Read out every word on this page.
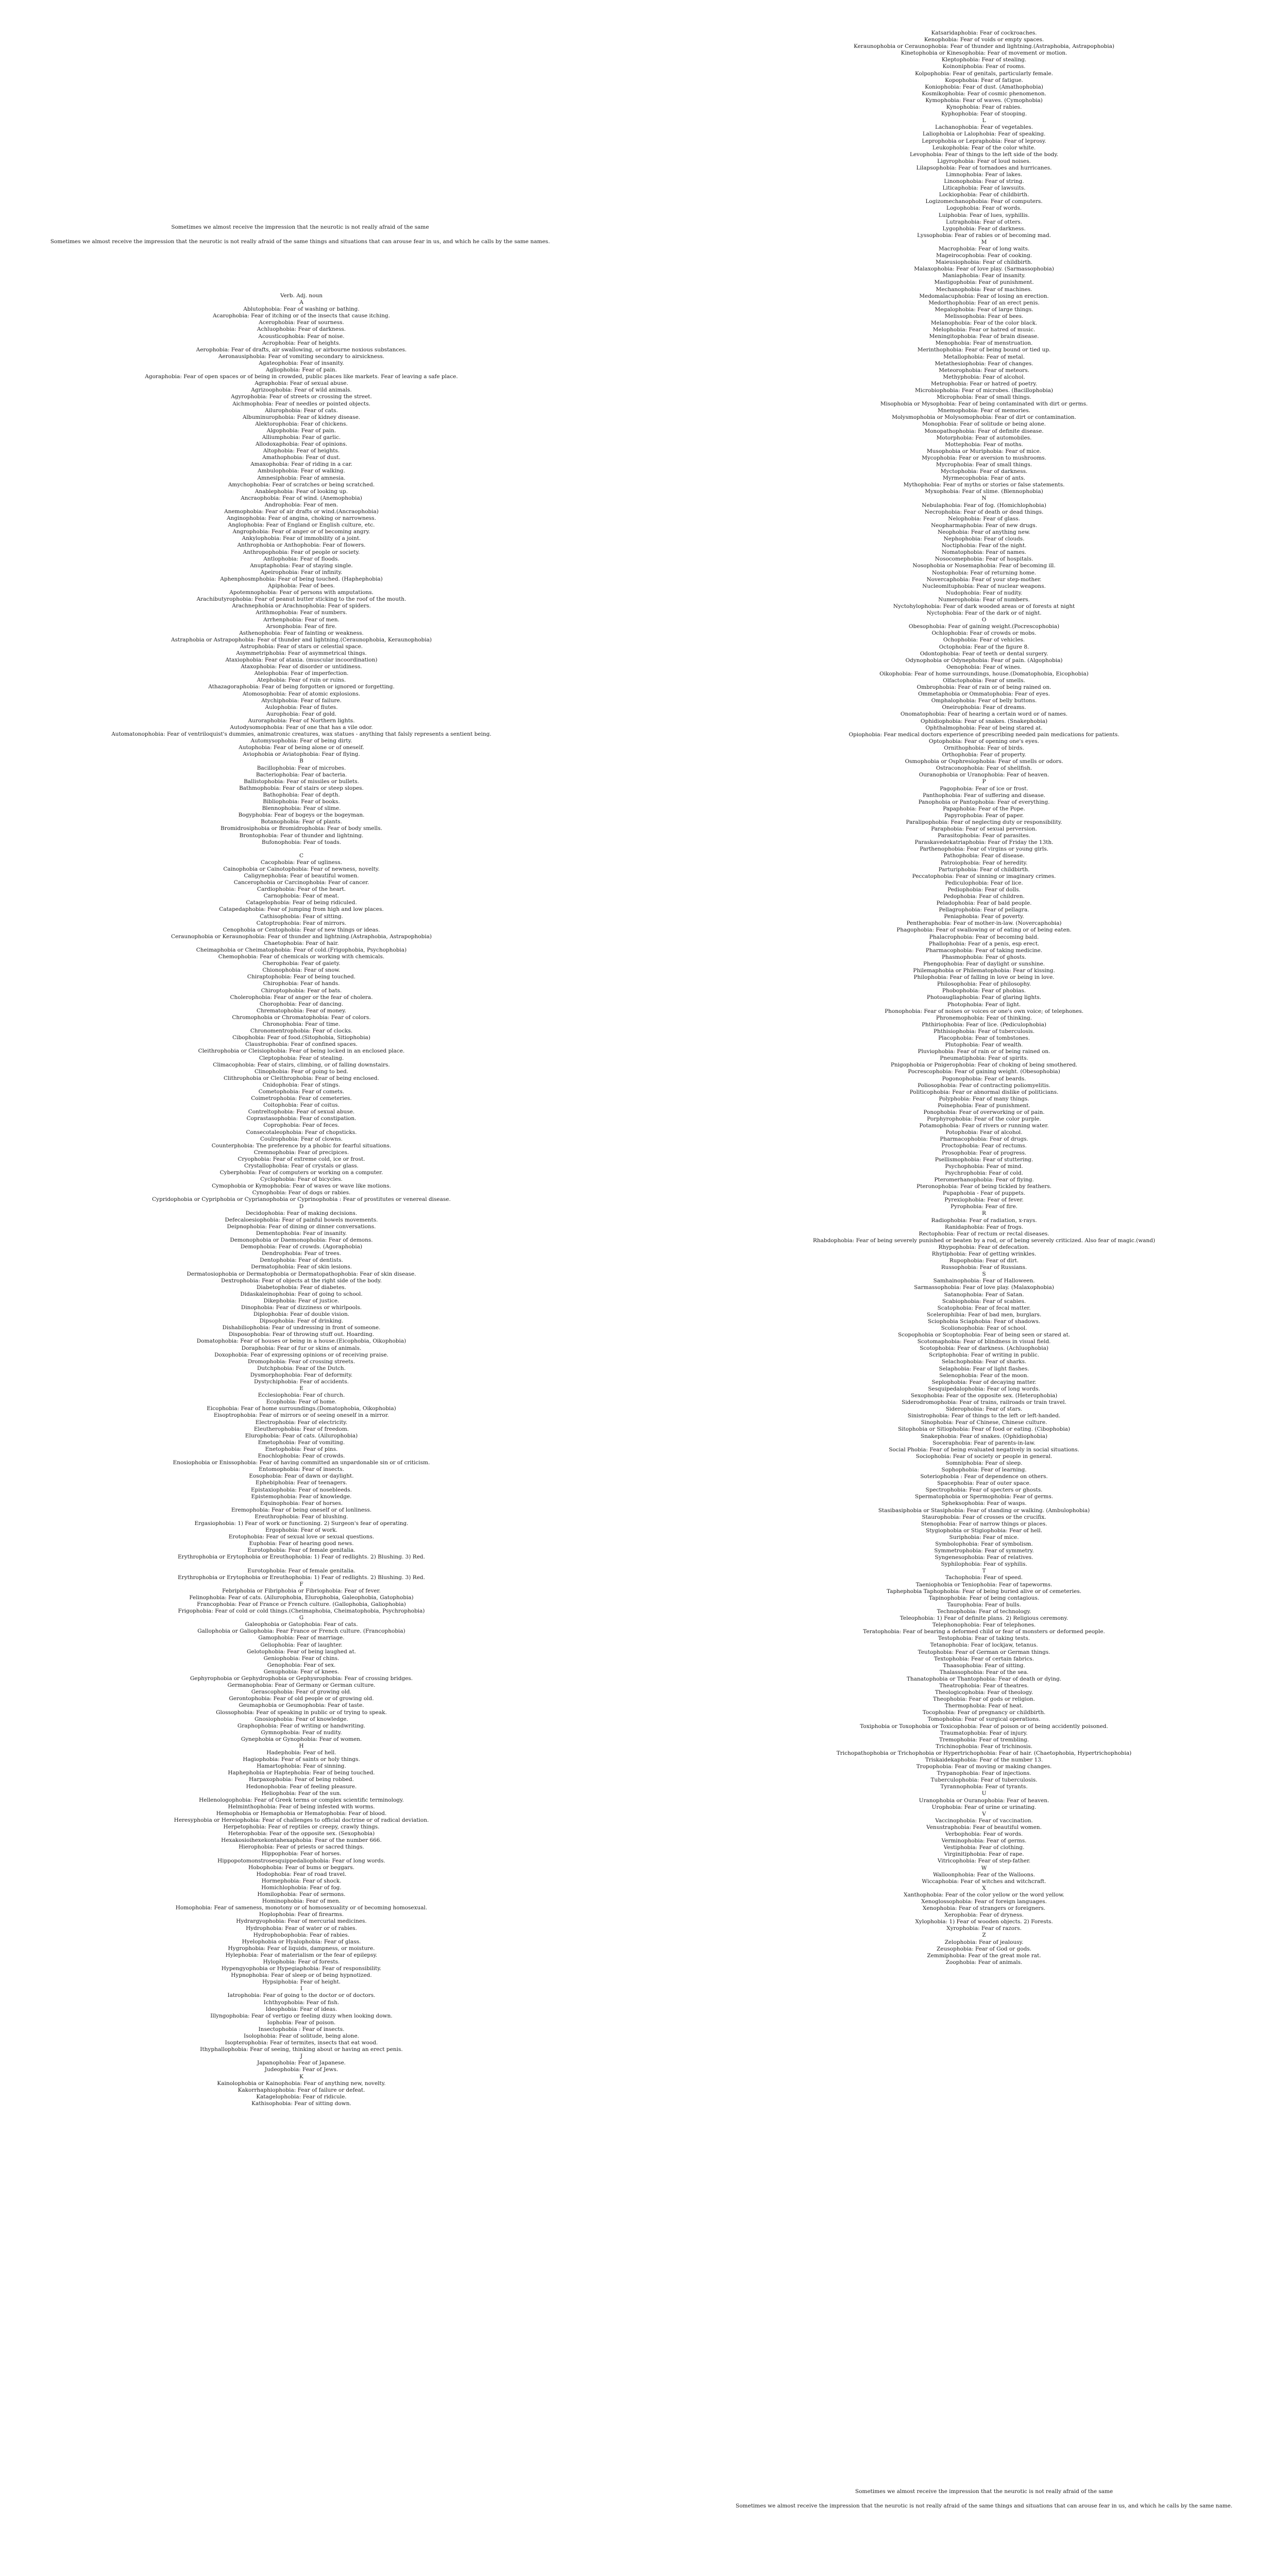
Sometimes we almost receive the impression that the neurotic is not really afraid of the same

Sometimes we almost receive the impression that the neurotic is not really afraid of the same things and situations that can arouse fear in us, and which he calls by the same names.

Verb. Adj. noun
A
Ablutophobia: Fear of washing or bathing.
Acarophobia: Fear of itching or of the insects that cause itching.
Acerophobia: Fear of sourness.
Achluophobia: Fear of darkness.
Acousticophobia: Fear of noise.
Acrophobia: Fear of heights.
Aerophobia: Fear of drafts, air swallowing, or airbourne noxious substances.
Aeronausiphobia: Fear of vomiting secondary to airsickness.
Agateophobia: Fear of insanity.
Agliophobia: Fear of pain.
Agoraphobia: Fear of open spaces or of being in crowded, public places like markets. Fear of leaving a safe place.
Agraphobia: Fear of sexual abuse.
Agrizoophobia: Fear of wild animals.
Agyrophobia: Fear of streets or crossing the street.
Aichmophobia: Fear of needles or pointed objects.
Ailurophobia: Fear of cats.
Albuminurophobia: Fear of kidney disease.
Alektorophobia: Fear of chickens.
Algophobia: Fear of pain.
Alliumphobia: Fear of garlic.
Allodoxaphobia: Fear of opinions.
Altophobia: Fear of heights.
Amathophobia: Fear of dust.
Amaxophobia: Fear of riding in a car.
Ambulophobia: Fear of walking.
Amnesiphobia: Fear of amnesia.
Amychophobia: Fear of scratches or being scratched.
Anablephobia: Fear of looking up.
Ancraophobia: Fear of wind. (Anemophobia)
Androphobia: Fear of men.
Anemophobia: Fear of air drafts or wind.(Ancraophobia)
Anginophobia: Fear of angina, choking or narrowness.
Anglophobia: Fear of England or English culture, etc.
Angrophobia: Fear of anger or of becoming angry.
Ankylophobia: Fear of immobility of a joint.
Anthrophobia or Anthophobia: Fear of flowers.
Anthropophobia: Fear of people or society.
Antlophobia: Fear of floods.
Anuptaphobia: Fear of staying single.
Apeirophobia: Fear of infinity.
Aphenphosmphobia: Fear of being touched. (Haphephobia)
Apiphobia: Fear of bees.
Apotemnophobia: Fear of persons with amputations.
Arachibutyrophobia: Fear of peanut butter sticking to the roof of the mouth.
Arachnephobia or Arachnophobia: Fear of spiders.
Arithmophobia: Fear of numbers.
Arrhenphobia: Fear of men.
Arsonphobia: Fear of fire.
Asthenophobia: Fear of fainting or weakness.
Astraphobia or Astrapophobia: Fear of thunder and lightning.(Ceraunophobia, Keraunophobia)
Astrophobia: Fear of stars or celestial space.
Asymmetriphobia: Fear of asymmetrical things.
Ataxiophobia: Fear of ataxia. (muscular incoordination)
Ataxophobia: Fear of disorder or untidiness.
Atelophobia: Fear of imperfection.
Atephobia: Fear of ruin or ruins.
Athazagoraphobia: Fear of being forgotten or ignored or forgetting.
Atomosophobia: Fear of atomic explosions.
Atychiphobia: Fear of failure.
Aulophobia: Fear of flutes.
Aurophobia: Fear of gold.
Auroraphobia: Fear of Northern lights.
Autodysomophobia: Fear of one that has a vile odor.
Automatonophobia: Fear of ventriloquist's dummies, animatronic creatures, wax statues - anything that falsly represents a sentient being.
Automysophobia: Fear of being dirty.
Autophobia: Fear of being alone or of oneself.
Aviophobia or Aviatophobia: Fear of flying.
B
Bacillophobia: Fear of microbes.
Bacteriophobia: Fear of bacteria.
Ballistophobia: Fear of missiles or bullets.
Bathmophobia: Fear of stairs or steep slopes.
Bathophobia: Fear of depth.
Bibliophobia: Fear of books.
Blennophobia: Fear of slime.
Bogyphobia: Fear of bogeys or the bogeyman.
Botanophobia: Fear of plants.
Bromidrosiphobia or Bromidrophobia: Fear of body smells.
Brontophobia: Fear of thunder and lightning.
Bufonophobia: Fear of toads.
C
Cacophobia: Fear of ugliness.
Cainophobia or Cainotophobia: Fear of newness, novelty.
Caligynephobia: Fear of beautiful women.
Cancerophobia or Carcinophobia: Fear of cancer.
Cardiophobia: Fear of the heart.
Carnophobia: Fear of meat.
Catagelophobia: Fear of being ridiculed.
Catapedaphobia: Fear of jumping from high and low places.
Cathisophobia: Fear of sitting.
Catoptrophobia: Fear of mirrors.
Cenophobia or Centophobia: Fear of new things or ideas.
Ceraunophobia or Keraunophobia: Fear of thunder and lightning.(Astraphobia, Astrapophobia)
Chaetophobia: Fear of hair.
Cheimaphobia or Cheimatophobia: Fear of cold.(Frigophobia, Psychophobia)
Chemophobia: Fear of chemicals or working with chemicals.
Cherophobia: Fear of gaiety.
Chionophobia: Fear of snow.
Chiraptophobia: Fear of being touched.
Chirophobia: Fear of hands.
Chiroptophobia: Fear of bats.
Cholerophobia: Fear of anger or the fear of cholera.
Chorophobia: Fear of dancing.
Chrematophobia: Fear of money.
Chromophobia or Chromatophobia: Fear of colors.
Chronophobia: Fear of time.
Chronomentrophobia: Fear of clocks.
Cibophobia: Fear of food.(Sitophobia, Sitiophobia)
Claustrophobia: Fear of confined spaces.
Cleithrophobia or Cleisiophobia: Fear of being locked in an enclosed place.
Cleptophobia: Fear of stealing.
Climacophobia: Fear of stairs, climbing, or of falling downstairs.
Clinophobia: Fear of going to bed.
Clithrophobia or Cleithrophobia: Fear of being enclosed.
Cnidophobia: Fear of stings.
Cometophobia: Fear of comets.
Coimetrophobia: Fear of cemeteries.
Coitophobia: Fear of coitus.
Contreltophobia: Fear of sexual abuse.
Coprastasophobia: Fear of constipation.
Coprophobia: Fear of feces.
Consecotaleophobia: Fear of chopsticks.
Coulrophobia: Fear of clowns.
Counterphobia: The preference by a phobic for fearful situations.
Cremnophobia: Fear of precipices.
Cryophobia: Fear of extreme cold, ice or frost.
Crystallophobia: Fear of crystals or glass.
Cyberphobia: Fear of computers or working on a computer.
Cyclophobia: Fear of bicycles.
Cymophobia or Kymophobia: Fear of waves or wave like motions.
Cynophobia: Fear of dogs or rabies.
Cypridophobia or Cypriphobia or Cyprianophobia or Cyprinophobia : Fear of prostitutes or venereal disease.
D
Decidophobia: Fear of making decisions.
Defecaloesiophobia: Fear of painful bowels movements.
Deipnophobia: Fear of dining or dinner conversations.
Dementophobia: Fear of insanity.
Demonophobia or Daemonophobia: Fear of demons.
Demophobia: Fear of crowds. (Agoraphobia)
Dendrophobia: Fear of trees.
Dentophobia: Fear of dentists.
Dermatophobia: Fear of skin lesions.
Dermatosiophobia or Dermatophobia or Dermatopathophobia: Fear of skin disease.
Dextrophobia: Fear of objects at the right side of the body.
Diabetophobia: Fear of diabetes.
Didaskaleinophobia: Fear of going to school.
Dikephobia: Fear of justice.
Dinophobia: Fear of dizziness or whirlpools.
Diplophobia: Fear of double vision.
Dipsophobia: Fear of drinking.
Dishabiliophobia: Fear of undressing in front of someone.
Disposophobia: Fear of throwing stuff out. Hoarding.
Domatophobia: Fear of houses or being in a house.(Eicophobia, Oikophobia)
Doraphobia: Fear of fur or skins of animals.
Doxophobia: Fear of expressing opinions or of receiving praise.
Dromophobia: Fear of crossing streets.
Dutchphobia: Fear of the Dutch.
Dysmorphophobia: Fear of deformity.
Dystychiphobia: Fear of accidents.
E
Ecclesiophobia: Fear of church.
Ecophobia: Fear of home.
Eicophobia: Fear of home surroundings.(Domatophobia, Oikophobia)
Eisoptrophobia: Fear of mirrors or of seeing oneself in a mirror.
Electrophobia: Fear of electricity.
Eleutherophobia: Fear of freedom.
Elurophobia: Fear of cats. (Ailurophobia)
Emetophobia: Fear of vomiting.
Enetophobia: Fear of pins.
Enochlophobia: Fear of crowds.
Enosiophobia or Enissophobia: Fear of having committed an unpardonable sin or of criticism.
Entomophobia: Fear of insects.
Eosophobia: Fear of dawn or daylight.
Ephebiphobia: Fear of teenagers.
Epistaxiophobia: Fear of nosebleeds.
Epistemophobia: Fear of knowledge.
Equinophobia: Fear of horses.
Eremophobia: Fear of being oneself or of lonliness.
Ereuthrophobia: Fear of blushing.
Ergasiophobia: 1) Fear of work or functioning. 2) Surgeon's fear of operating.
Ergophobia: Fear of work.
Erotophobia: Fear of sexual love or sexual questions.
Euphobia: Fear of hearing good news.
Eurotophobia: Fear of female genitalia.
Erythrophobia or Erytophobia or Ereuthophobia: 1) Fear of redlights. 2) Blushing. 3) Red.
Eurotophobia: Fear of female genitalia.
Erythrophobia or Erytophobia or Ereuthophobia: 1) Fear of redlights. 2) Blushing. 3) Red.
F
Febriphobia or Fibriphobia or Fibriophobia: Fear of fever.
Felinophobia: Fear of cats. (Ailurophobia, Elurophobia, Galeophobia, Gatophobia)
Francophobia: Fear of France or French culture. (Gallophobia, Galiophobia)
Frigophobia: Fear of cold or cold things.(Cheimaphobia, Cheimatophobia, Psychrophobia)
G
Galeophobia or Gatophobia: Fear of cats.
Gallophobia or Galiophobia: Fear France or French culture. (Francophobia)
Gamophobia: Fear of marriage.
Geliophobia: Fear of laughter.
Gelotophobia: Fear of being laughed at.
Geniophobia: Fear of chins.
Genophobia: Fear of sex.
Genuphobia: Fear of knees.
Gephyrophobia or Gephydrophobia or Gephysrophobia: Fear of crossing bridges.
Germanophobia: Fear of Germany or German culture.
Gerascophobia: Fear of growing old.
Gerontophobia: Fear of old people or of growing old.
Geumaphobia or Geumophobia: Fear of taste.
Glossophobia: Fear of speaking in public or of trying to speak.
Gnosiophobia: Fear of knowledge.
Graphophobia: Fear of writing or handwriting.
Gymnophobia: Fear of nudity.
Gynephobia or Gynophobia: Fear of women.
H
Hadephobia: Fear of hell.
Hagiophobia: Fear of saints or holy things.
Hamartophobia: Fear of sinning.
Haphephobia or Haptephobia: Fear of being touched.
Harpaxophobia: Fear of being robbed.
Hedonophobia: Fear of feeling pleasure.
Heliophobia: Fear of the sun.
Hellenologophobia: Fear of Greek terms or complex scientific terminology.
Helminthophobia: Fear of being infested with worms.
Hemophobia or Hemaphobia or Hematophobia: Fear of blood.
Heresyphobia or Hereiophobia: Fear of challenges to official doctrine or of radical deviation.
Herpetophobia: Fear of reptiles or creepy, crawly things.
Heterophobia: Fear of the opposite sex. (Sexophobia)
Hexakosioihexekontahexaphobia: Fear of the number 666.
Hierophobia: Fear of priests or sacred things.
Hippophobia: Fear of horses.
Hippopotomonstrosesquippedaliophobia: Fear of long words.
Hobophobia: Fear of bums or beggars.
Hodophobia: Fear of road travel.
Hormephobia: Fear of shock.
Homichlophobia: Fear of fog.
Homilophobia: Fear of sermons.
Hominophobia: Fear of men.
Homophobia: Fear of sameness, monotony or of homosexuality or of becoming homosexual.
Hoplophobia: Fear of firearms.
Hydrargyophobia: Fear of mercurial medicines.
Hydrophobia: Fear of water or of rabies.
Hydrophobophobia: Fear of rabies.
Hyelophobia or Hyalophobia: Fear of glass.
Hygrophobia: Fear of liquids, dampness, or moisture.
Hylephobia: Fear of materialism or the fear of epilepsy.
Hylophobia: Fear of forests.
Hypengyophobia or Hypegiaphobia: Fear of responsibility.
Hypnophobia: Fear of sleep or of being hypnotized.
Hypsiphobia: Fear of height.
I
Iatrophobia: Fear of going to the doctor or of doctors.
Ichthyophobia: Fear of fish.
Ideophobia: Fear of ideas.
Illyngophobia: Fear of vertigo or feeling dizzy when looking down.
Iophobia: Fear of poison.
Insectophobia : Fear of insects.
Isolophobia: Fear of solitude, being alone.
Isopterophobia: Fear of termites, insects that eat wood.
Ithyphallophobia: Fear of seeing, thinking about or having an erect penis.
J
Japanophobia: Fear of Japanese.
Judeophobia: Fear of Jews.
K
Kainolophobia or Kainophobia: Fear of anything new, novelty.
Kakorrhaphiophobia: Fear of failure or defeat.
Katagelophobia: Fear of ridicule.
Kathisophobia: Fear of sitting down.
Katsaridaphobia: Fear of cockroaches.
Kenophobia: Fear of voids or empty spaces.
Keraunophobia or Ceraunophobia: Fear of thunder and lightning.(Astraphobia, Astrapophobia)
Kinetophobia or Kinesophobia: Fear of movement or motion.
Kleptophobia: Fear of stealing.
Koinoniphobia: Fear of rooms.
Kolpophobia: Fear of genitals, particularly female.
Kopophobia: Fear of fatigue.
Koniophobia: Fear of dust. (Amathophobia)
Kosmikophobia: Fear of cosmic phenomenon.
Kymophobia: Fear of waves. (Cymophobia)
Kynophobia: Fear of rabies.
Kyphophobia: Fear of stooping.
L
Lachanophobia: Fear of vegetables.
Laliophobia or Lalophobia: Fear of speaking.
Leprophobia or Lepraphobia: Fear of leprosy.
Leukophobia: Fear of the color white.
Levophobia: Fear of things to the left side of the body.
Ligyrophobia: Fear of loud noises.
Lilapsophobia: Fear of tornadoes and hurricanes.
Limnophobia: Fear of lakes.
Linonophobia: Fear of string.
Liticaphobia: Fear of lawsuits.
Lockiophobia: Fear of childbirth.
Logizomechanophobia: Fear of computers.
Logophobia: Fear of words.
Luiphobia: Fear of lues, syphillis.
Lutraphobia: Fear of otters.
Lygophobia: Fear of darkness.
Lyssophobia: Fear of rabies or of becoming mad.
M
Macrophobia: Fear of long waits.
Mageirocophobia: Fear of cooking.
Maieusiophobia: Fear of childbirth.
Malaxophobia: Fear of love play. (Sarmassophobia)
Maniaphobia: Fear of insanity.
Mastigophobia: Fear of punishment.
Mechanophobia: Fear of machines.
Medomalacuphobia: Fear of losing an erection.
Medorthophobia: Fear of an erect penis.
Megalophobia: Fear of large things.
Melissophobia: Fear of bees.
Melanophobia: Fear of the color black.
Melophobia: Fear or hatred of music.
Meningitophobia: Fear of brain disease.
Menophobia: Fear of menstruation.
Merinthophobia: Fear of being bound or tied up.
Metallophobia: Fear of metal.
Metathesiophobia: Fear of changes.
Meteorophobia: Fear of meteors.
Methyphobia: Fear of alcohol.
Metrophobia: Fear or hatred of poetry.
Microbiophobia: Fear of microbes. (Bacillophobia)
Microphobia: Fear of small things.
Misophobia or Mysophobia: Fear of being contaminated with dirt or germs.
Mnemophobia: Fear of memories.
Molysmophobia or Molysomophobia: Fear of dirt or contamination.
Monophobia: Fear of solitude or being alone.
Monopathophobia: Fear of definite disease.
Motorphobia: Fear of automobiles.
Mottephobia: Fear of moths.
Musophobia or Muriphobia: Fear of mice.
Mycophobia: Fear or aversion to mushrooms.
Mycrophobia: Fear of small things.
Myctophobia: Fear of darkness.
Myrmecophobia: Fear of ants.
Mythophobia: Fear of myths or stories or false statements.
Myxophobia: Fear of slime. (Blennophobia)
N
Nebulaphobia: Fear of fog. (Homichlophobia)
Necrophobia: Fear of death or dead things.
Nelophobia: Fear of glass.
Neopharmaphobia: Fear of new drugs.
Neophobia: Fear of anything new.
Nephophobia: Fear of clouds.
Noctiphobia: Fear of the night.
Nomatophobia: Fear of names.
Nosocomephobia: Fear of hospitals.
Nosophobia or Nosemaphobia: Fear of becoming ill.
Nostophobia: Fear of returning home.
Novercaphobia: Fear of your step-mother.
Nucleomituphobia: Fear of nuclear weapons.
Nudophobia: Fear of nudity.
Numerophobia: Fear of numbers.
Nyctohylophobia: Fear of dark wooded areas or of forests at night
Nyctophobia: Fear of the dark or of night.
O
Obesophobia: Fear of gaining weight.(Pocrescophobia)
Ochlophobia: Fear of crowds or mobs.
Ochophobia: Fear of vehicles.
Octophobia: Fear of the figure 8.
Odontophobia: Fear of teeth or dental surgery.
Odynophobia or Odynephobia: Fear of pain. (Algophobia)
Oenophobia: Fear of wines.
Oikophobia: Fear of home surroundings, house.(Domatophobia, Eicophobia)
Olfactophobia: Fear of smells.
Ombrophobia: Fear of rain or of being rained on.
Ommetaphobia or Ommatophobia: Fear of eyes.
Omphalophobia: Fear of belly buttons.
Oneirophobia: Fear of dreams.
Onomatophobia: Fear of hearing a certain word or of names.
Ophidiophobia: Fear of snakes. (Snakephobia)
Ophthalmophobia: Fear of being stared at.
Opiophobia: Fear medical doctors experience of prescribing needed pain medications for patients.
Optophobia: Fear of opening one's eyes.
Ornithophobia: Fear of birds.
Orthophobia: Fear of property.
Osmophobia or Osphresiophobia: Fear of smells or odors.
Ostraconophobia: Fear of shellfish.
Ouranophobia or Uranophobia: Fear of heaven.
P
Pagophobia: Fear of ice or frost.
Panthophobia: Fear of suffering and disease.
Panophobia or Pantophobia: Fear of everything.
Papaphobia: Fear of the Pope.
Papyrophobia: Fear of paper.
Paralipophobia: Fear of neglecting duty or responsibility.
Paraphobia: Fear of sexual perversion.
Parasitophobia: Fear of parasites.
Paraskavedekatriaphobia: Fear of Friday the 13th.
Parthenophobia: Fear of virgins or young girls.
Pathophobia: Fear of disease.
Patroiophobia: Fear of heredity.
Parturiphobia: Fear of childbirth.
Peccatophobia: Fear of sinning or imaginary crimes.
Pediculophobia: Fear of lice.
Pediophobia: Fear of dolls.
Pedophobia: Fear of children.
Peladophobia: Fear of bald people.
Pellagrophobia: Fear of pellagra.
Peniaphobia: Fear of poverty.
Pentheraphobia: Fear of mother-in-law. (Novercaphobia)
Phagophobia: Fear of swallowing or of eating or of being eaten.
Phalacrophobia: Fear of becoming bald.
Phallophobia: Fear of a penis, esp erect.
Pharmacophobia: Fear of taking medicine.
Phasmophobia: Fear of ghosts.
Phengophobia: Fear of daylight or sunshine.
Philemaphobia or Philematophobia: Fear of kissing.
Philophobia: Fear of falling in love or being in love.
Philosophobia: Fear of philosophy.
Phobophobia: Fear of phobias.
Photoaugliaphobia: Fear of glaring lights.
Photophobia: Fear of light.
Phonophobia: Fear of noises or voices or one's own voice; of telephones.
Phronemophobia: Fear of thinking.
Phthiriophobia: Fear of lice. (Pediculophobia)
Phthisiophobia: Fear of tuberculosis.
Placophobia: Fear of tombstones.
Plutophobia: Fear of wealth.
Pluviophobia: Fear of rain or of being rained on.
Pneumatiphobia: Fear of spirits.
Pnigophobia or Pnigerophobia: Fear of choking of being smothered.
Pocrescophobia: Fear of gaining weight. (Obesophobia)
Pogonophobia: Fear of beards.
Poliosophobia: Fear of contracting poliomyelitis.
Politicophobia: Fear or abnormal dislike of politicians.
Polyphobia: Fear of many things.
Poinephobia: Fear of punishment.
Ponophobia: Fear of overworking or of pain.
Porphyrophobia: Fear of the color purple.
Potamophobia: Fear of rivers or running water.
Potophobia: Fear of alcohol.
Pharmacophobia: Fear of drugs.
Proctophobia: Fear of rectums.
Prosophobia: Fear of progress.
Psellismophobia: Fear of stuttering.
Psychophobia: Fear of mind.
Psychrophobia: Fear of cold.
Pteromerhanophobia: Fear of flying.
Pteronophobia: Fear of being tickled by feathers.
Pupaphobia - Fear of puppets.
Pyrexiophobia: Fear of fever.
Pyrophobia: Fear of fire.
R
Radiophobia: Fear of radiation, x-rays.
Ranidaphobia: Fear of frogs.
Rectophobia: Fear of rectum or rectal diseases.
Rhabdophobia: Fear of being severely punished or beaten by a rod, or of being severely criticized. Also fear of magic.(wand)
Rhypophobia: Fear of defecation.
Rhytiphobia: Fear of getting wrinkles.
Rupophobia: Fear of dirt.
Russophobia: Fear of Russians.
S
Samhainophobia: Fear of Halloween.
Sarmassophobia: Fear of love play. (Malaxophobia)
Satanophobia: Fear of Satan.
Scabiophobia: Fear of scabies.
Scatophobia: Fear of fecal matter.
Scelerophibia: Fear of bad men, burglars.
Sciophobia Sciaphobia: Fear of shadows.
Scolionophobia: Fear of school.
Scopophobia or Scoptophobia: Fear of being seen or stared at.
Scotomaphobia: Fear of blindness in visual field.
Scotophobia: Fear of darkness. (Achluophobia)
Scriptophobia: Fear of writing in public.
Selachophobia: Fear of sharks.
Selaphobia: Fear of light flashes.
Selenophobia: Fear of the moon.
Seplophobia: Fear of decaying matter.
Sesquipedalophobia: Fear of long words.
Sexophobia: Fear of the opposite sex. (Heterophobia)
Siderodromophobia: Fear of trains, railroads or train travel.
Siderophobia: Fear of stars.
Sinistrophobia: Fear of things to the left or left-handed.
Sinophobia: Fear of Chinese, Chinese culture.
Sitophobia or Sitiophobia: Fear of food or eating. (Cibophobia)
Snakephobia: Fear of snakes. (Ophidiophobia)
Soceraphobia: Fear of parents-in-law.
Social Phobia: Fear of being evaluated negatively in social situations.
Sociophobia: Fear of society or people in general.
Somniphobia: Fear of sleep.
Sophophobia: Fear of learning.
Soteriophobia : Fear of dependence on others.
Spacephobia: Fear of outer space.
Spectrophobia: Fear of specters or ghosts.
Spermatophobia or Spermophobia: Fear of germs.
Spheksophobia: Fear of wasps.
Stasibasiphobia or Stasiphobia: Fear of standing or walking. (Ambulophobia)
Staurophobia: Fear of crosses or the crucifix.
Stenophobia: Fear of narrow things or places.
Stygiophobia or Stigiophobia: Fear of hell.
Suriphobia: Fear of mice.
Symbolophobia: Fear of symbolism.
Symmetrophobia: Fear of symmetry.
Syngenesophobia: Fear of relatives.
Syphilophobia: Fear of syphilis.
T
Tachophobia: Fear of speed.
Taeniophobia or Teniophobia: Fear of tapeworms.
Taphephobia Taphophobia: Fear of being buried alive or of cemeteries.
Tapinophobia: Fear of being contagious.
Taurophobia: Fear of bulls.
Technophobia: Fear of technology.
Teleophobia: 1) Fear of definite plans. 2) Religious ceremony.
Telephonophobia: Fear of telephones.
Teratophobia: Fear of bearing a deformed child or fear of monsters or deformed people.
Testophobia: Fear of taking tests.
Tetanophobia: Fear of lockjaw, tetanus.
Teutophobia: Fear of German or German things.
Textophobia: Fear of certain fabrics.
Thaasophobia: Fear of sitting.
Thalassophobia: Fear of the sea.
Thanatophobia or Thantophobia: Fear of death or dying.
Theatrophobia: Fear of theatres.
Theologicophobia: Fear of theology.
Theophobia: Fear of gods or religion.
Thermophobia: Fear of heat.
Tocophobia: Fear of pregnancy or childbirth.
Tomophobia: Fear of surgical operations.
Toxiphobia or Toxophobia or Toxicophobia: Fear of poison or of being accidently poisoned.
Traumatophobia: Fear of injury.
Tremophobia: Fear of trembling.
Trichinophobia: Fear of trichinosis.
Trichopathophobia or Trichophobia or Hypertrichophobia: Fear of hair. (Chaetophobia, Hypertrichophobia)
Triskaidekaphobia: Fear of the number 13.
Tropophobia: Fear of moving or making changes.
Trypanophobia: Fear of injections.
Tuberculophobia: Fear of tuberculosis.
Tyrannophobia: Fear of tyrants.
U
Uranophobia or Ouranophobia: Fear of heaven.
Urophobia: Fear of urine or urinating.
V
Vaccinophobia: Fear of vaccination.
Venustraphobia: Fear of beautiful women.
Verbophobia: Fear of words.
Verminophobia: Fear of germs.
Vestiphobia: Fear of clothing.
Virginitiphobia: Fear of rape.
Vitricophobia: Fear of step-father.
W
Walloonphobia: Fear of the Walloons.
Wiccaphobia: Fear of witches and witchcraft.
X
Xanthophobia: Fear of the color yellow or the word yellow.
Xenoglossophobia: Fear of foreign languages.
Xenophobia: Fear of strangers or foreigners.
Xerophobia: Fear of dryness.
Xylophobia: 1) Fear of wooden objects. 2) Forests.
Xyrophobia: Fear of razors.
Z
Zelophobia: Fear of jealousy.
Zeusophobia: Fear of God or gods.
Zemmiphobia: Fear of the great mole rat.
Zoophobia: Fear of animals.

Sometimes we almost receive the impression that the neurotic is not really afraid of the same

Sometimes we almost receive the impression that the neurotic is not really afraid of the same things and situations that can arouse fear in us, and which he calls by the same name.
